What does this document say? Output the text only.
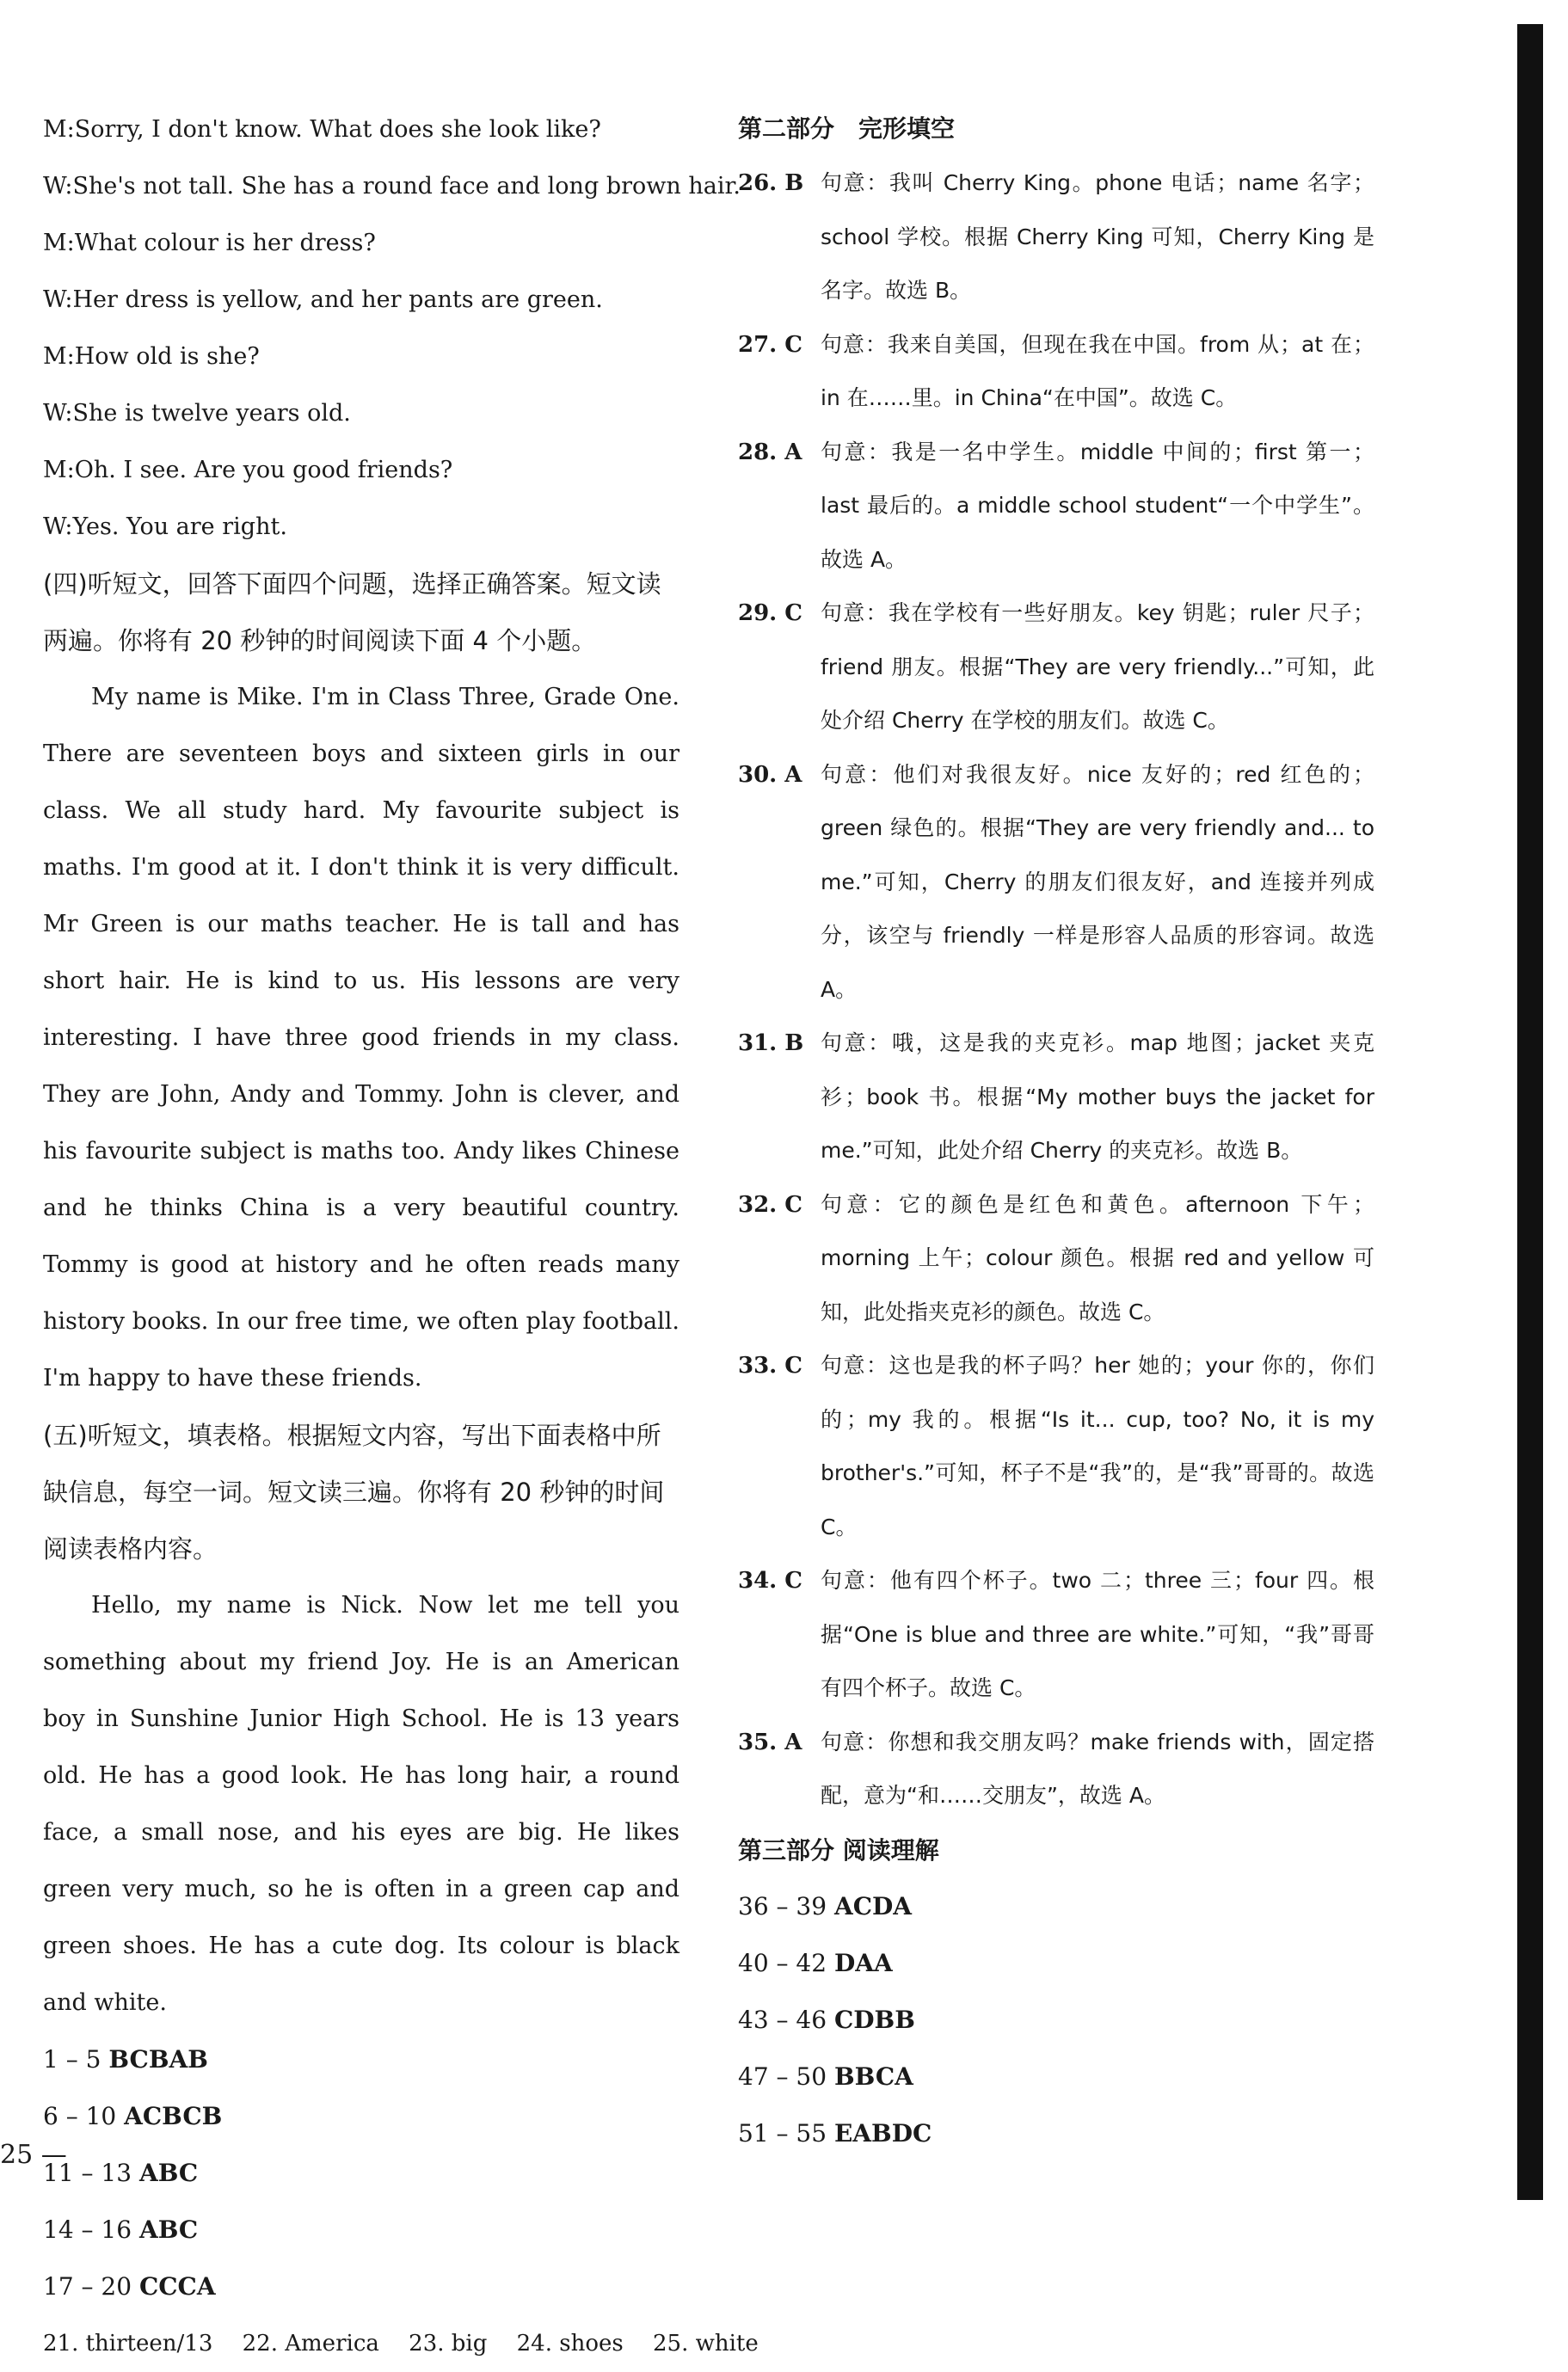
M:Sorry, I don't know. What does she look like?
W:She's not tall. She has a round face and long brown hair.
M:What colour is her dress?
W:Her dress is yellow, and her pants are green.
M:How old is she?
W:She is twelve years old.
M:Oh. I see. Are you good friends?
W:Yes. You are right.
(四)听短文，回答下面四个问题，选择正确答案。短文读两遍。你将有 20 秒钟的时间阅读下面 4 个小题。
My name is Mike. I'm in Class Three, Grade One. There are seventeen boys and sixteen girls in our class. We all study hard. My favourite subject is maths. I'm good at it. I don't think it is very difficult. Mr Green is our maths teacher. He is tall and has short hair. He is kind to us. His lessons are very interesting. I have three good friends in my class. They are John, Andy and Tommy. John is clever, and his favourite subject is maths too. Andy likes Chinese and he thinks China is a very beautiful country. Tommy is good at history and he often reads many history books. In our free time, we often play football. I'm happy to have these friends.
(五)听短文，填表格。根据短文内容，写出下面表格中所缺信息，每空一词。短文读三遍。你将有 20 秒钟的时间阅读表格内容。
Hello, my name is Nick. Now let me tell you something about my friend Joy. He is an American boy in Sunshine Junior High School. He is 13 years old. He has a good look. He has long hair, a round face, a small nose, and his eyes are big. He likes green very much, so he is often in a green cap and green shoes. He has a cute dog. Its colour is black and white.
1 – 5 BCBAB
6 – 10 ACBCB
11 – 13 ABC
14 – 16 ABC
17 – 20 CCCA
21. thirteen/13 22. America 23. big 24. shoes 25. white
第二部分　完形填空
26. B 句意：我叫 Cherry King。phone 电话；name 名字；school 学校。根据 Cherry King 可知，Cherry King 是名字。故选 B。
27. C 句意：我来自美国，但现在我在中国。from 从；at 在；in 在……里。in China“在中国”。故选 C。
28. A 句意：我是一名中学生。middle 中间的；first 第一；last 最后的。a middle school student“一个中学生”。故选 A。
29. C 句意：我在学校有一些好朋友。key 钥匙；ruler 尺子；friend 朋友。根据“They are very friendly...”可知，此处介绍 Cherry 在学校的朋友们。故选 C。
30. A 句意：他们对我很友好。nice 友好的；red 红色的；green 绿色的。根据“They are very friendly and... to me.”可知，Cherry 的朋友们很友好，and 连接并列成分，该空与 friendly 一样是形容人品质的形容词。故选 A。
31. B 句意：哦，这是我的夹克衫。map 地图；jacket 夹克衫；book 书。根据“My mother buys the jacket for me.”可知，此处介绍 Cherry 的夹克衫。故选 B。
32. C 句意：它的颜色是红色和黄色。afternoon 下午；morning 上午；colour 颜色。根据 red and yellow 可知，此处指夹克衫的颜色。故选 C。
33. C 句意：这也是我的杯子吗？her 她的；your 你的，你们的；my 我的。根据“Is it... cup, too? No, it is my brother's.”可知，杯子不是“我”的，是“我”哥哥的。故选 C。
34. C 句意：他有四个杯子。two 二；three 三；four 四。根据“One is blue and three are white.”可知，“我”哥哥有四个杯子。故选 C。
35. A 句意：你想和我交朋友吗？make friends with，固定搭配，意为“和……交朋友”，故选 A。
第三部分 阅读理解
36 – 39 ACDA
40 – 42 DAA
43 – 46 CDBB
47 – 50 BBCA
51 – 55 EABDC
25 —
